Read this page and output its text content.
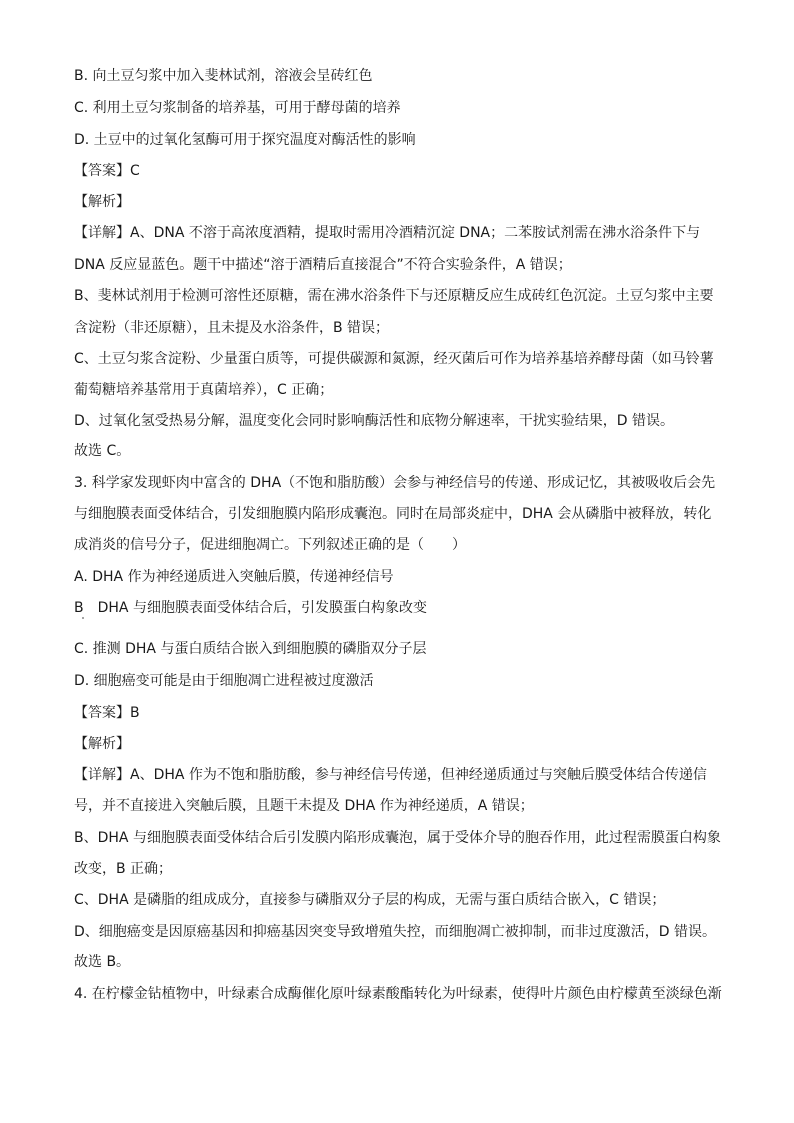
B. 向土豆匀浆中加入斐林试剂，溶液会呈砖红色
C. 利用土豆匀浆制备的培养基，可用于酵母菌的培养
D. 土豆中的过氧化氢酶可用于探究温度对酶活性的影响
【答案】C
【解析】
【详解】A、DNA 不溶于高浓度酒精，提取时需用冷酒精沉淀 DNA；二苯胺试剂需在沸水浴条件下与
DNA 反应显蓝色。题干中描述“溶于酒精后直接混合”不符合实验条件，A 错误；
B、斐林试剂用于检测可溶性还原糖，需在沸水浴条件下与还原糖反应生成砖红色沉淀。土豆匀浆中主要
含淀粉（非还原糖），且未提及水浴条件，B 错误；
C、土豆匀浆含淀粉、少量蛋白质等，可提供碳源和氮源，经灭菌后可作为培养基培养酵母菌（如马铃薯
葡萄糖培养基常用于真菌培养），C 正确；
D、过氧化氢受热易分解，温度变化会同时影响酶活性和底物分解速率，干扰实验结果，D 错误。
故选 C。
3. 科学家发现虾肉中富含的 DHA（不饱和脂肪酸）会参与神经信号的传递、形成记忆，其被吸收后会先
与细胞膜表面受体结合，引发细胞膜内陷形成囊泡。同时在局部炎症中，DHA 会从磷脂中被释放，转化
成消炎的信号分子，促进细胞凋亡。下列叙述正确的是（　　）
A. DHA 作为神经递质进入突触后膜，传递神经信号
B　DHA 与细胞膜表面受体结合后，引发膜蛋白构象改变
C. 推测 DHA 与蛋白质结合嵌入到细胞膜的磷脂双分子层
D. 细胞癌变可能是由于细胞凋亡进程被过度激活
【答案】B
【解析】
【详解】A、DHA 作为不饱和脂肪酸，参与神经信号传递，但神经递质通过与突触后膜受体结合传递信
号，并不直接进入突触后膜，且题干未提及 DHA 作为神经递质，A 错误；
B、DHA 与细胞膜表面受体结合后引发膜内陷形成囊泡，属于受体介导的胞吞作用，此过程需膜蛋白构象
改变，B 正确；
C、DHA 是磷脂的组成成分，直接参与磷脂双分子层的构成，无需与蛋白质结合嵌入，C 错误；
D、细胞癌变是因原癌基因和抑癌基因突变导致增殖失控，而细胞凋亡被抑制，而非过度激活，D 错误。
故选 B。
4. 在柠檬金钻植物中，叶绿素合成酶催化原叶绿素酸酯转化为叶绿素，使得叶片颜色由柠檬黄至淡绿色渐
